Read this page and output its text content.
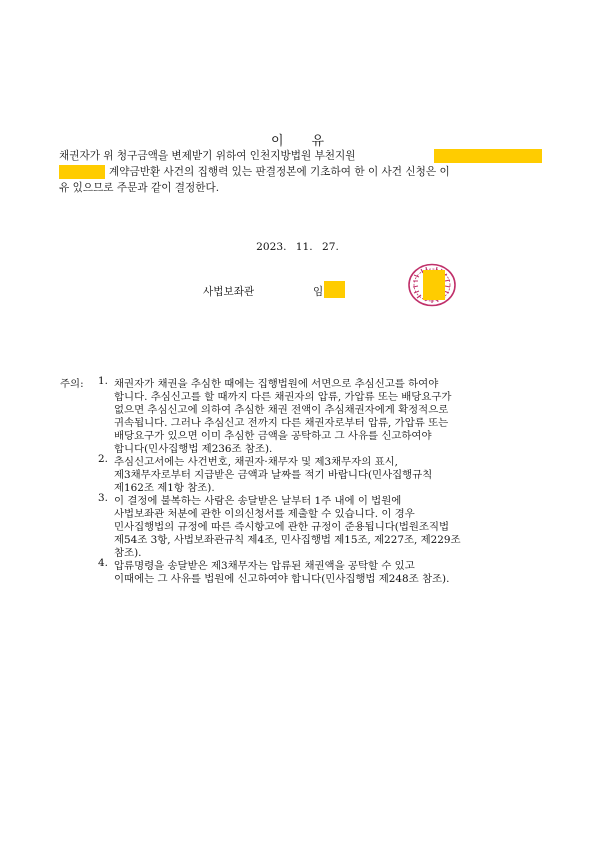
이 유
채권자가 위 청구금액을 변제받기 위하여 인천지방법원 부천지원
계약금반환 사건의 집행력 있는 판결정본에 기초하여 한 이 사건 신청은 이
유 있으므로 주문과 같이 결정한다.
2023. 11. 27.
사법보좌관	임
주의: 1. 채권자가 채권을 추심한 때에는 집행법원에 서면으로 추심신고를 하여야
합니다. 추심신고를 할 때까지 다른 채권자의 압류, 가압류 또는 배당요구가
없으면 추심신고에 의하여 추심한 채권 전액이 추심채권자에게 확정적으로
귀속됩니다. 그러나 추심신고 전까지 다른 채권자로부터 압류, 가압류 또는
배당요구가 있으면 이미 추심한 금액을 공탁하고 그 사유를 신고하여야
합니다(민사집행법 제236조 참조).
2. 추심신고서에는 사건번호, 채권자·채무자 및 제3채무자의 표시,
제3채무자로부터 지급받은 금액과 날짜를 적기 바랍니다(민사집행규칙
제162조 제1항 참조).
3. 이 결정에 불복하는 사람은 송달받은 날부터 1주 내에 이 법원에
사법보좌관 처분에 관한 이의신청서를 제출할 수 있습니다. 이 경우
민사집행법의 규정에 따른 즉시항고에 관한 규정이 준용됩니다(법원조직법
제54조 3항, 사법보좌관규칙 제4조, 민사집행법 제15조, 제227조, 제229조
참조).
4. 압류명령을 송달받은 제3채무자는 압류된 채권액을 공탁할 수 있고
이때에는 그 사유를 법원에 신고하여야 합니다(민사집행법 제248조 참조).
